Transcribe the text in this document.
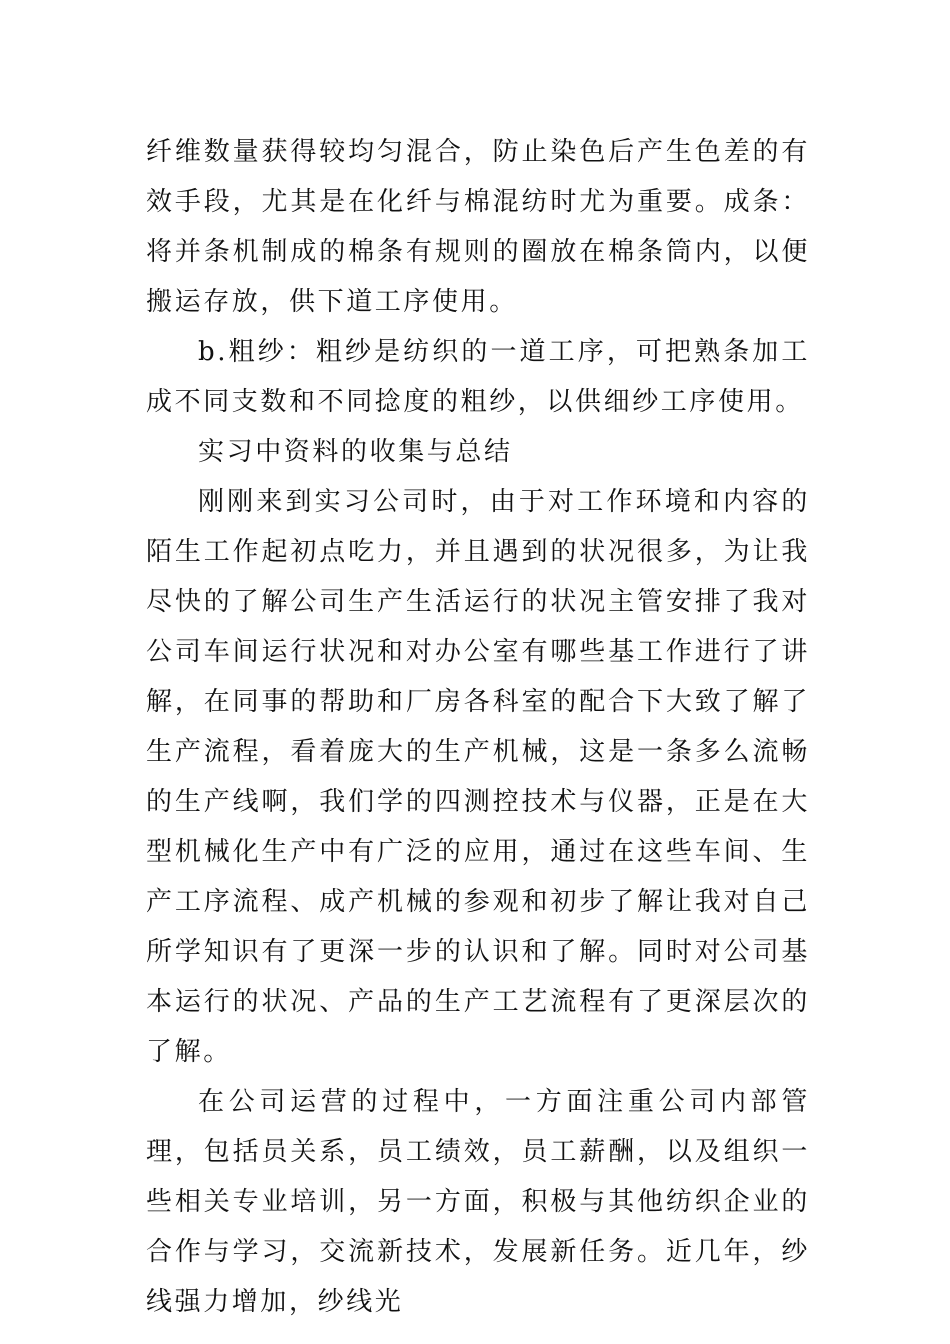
纤维数量获得较均匀混合，防止染色后产生色差的有效手段，尤其是在化纤与棉混纺时尤为重要。成条：将并条机制成的棉条有规则的圈放在棉条筒内，以便搬运存放，供下道工序使用。

b.粗纱：粗纱是纺织的一道工序，可把熟条加工成不同支数和不同捻度的粗纱，以供细纱工序使用。

实习中资料的收集与总结

刚刚来到实习公司时，由于对工作环境和内容的陌生工作起初点吃力，并且遇到的状况很多，为让我尽快的了解公司生产生活运行的状况主管安排了我对公司车间运行状况和对办公室有哪些基工作进行了讲解，在同事的帮助和厂房各科室的配合下大致了解了生产流程，看着庞大的生产机械，这是一条多么流畅的生产线啊，我们学的四测控技术与仪器，正是在大型机械化生产中有广泛的应用，通过在这些车间、生产工序流程、成产机械的参观和初步了解让我对自己所学知识有了更深一步的认识和了解。同时对公司基本运行的状况、产品的生产工艺流程有了更深层次的了解。

在公司运营的过程中，一方面注重公司内部管理，包括员关系，员工绩效，员工薪酬，以及组织一些相关专业培训，另一方面，积极与其他纺织企业的合作与学习，交流新技术，发展新任务。近几年，纱线强力增加，纱线光
